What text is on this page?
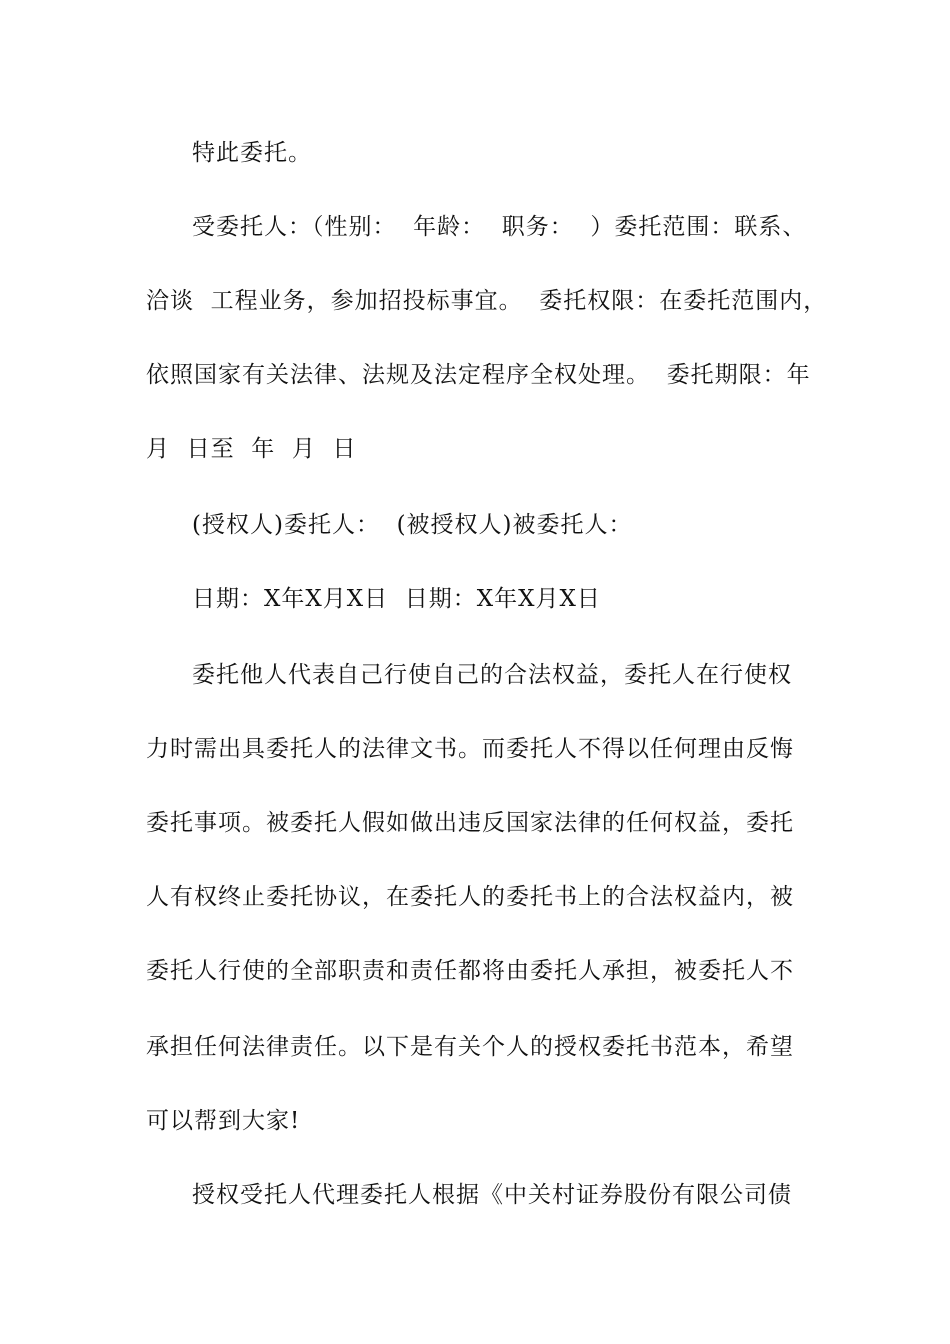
特此委托。
受委托人：（性别：  年龄：  职务：  ）委托范围：联系、
洽谈  工程业务，参加招投标事宜。  委托权限：在委托范围内，
依照国家有关法律、法规及法定程序全权处理。  委托期限：年
月  日至  年  月  日
(授权人)委托人：  (被授权人)被委托人：
日期：X年X月X日  日期：X年X月X日
委托他人代表自己行使自己的合法权益，委托人在行使权
力时需出具委托人的法律文书。而委托人不得以任何理由反悔
委托事项。被委托人假如做出违反国家法律的任何权益，委托
人有权终止委托协议，在委托人的委托书上的合法权益内，被
委托人行使的全部职责和责任都将由委托人承担，被委托人不
承担任何法律责任。以下是有关个人的授权委托书范本，希望
可以帮到大家!
授权受托人代理委托人根据《中关村证券股份有限公司债
